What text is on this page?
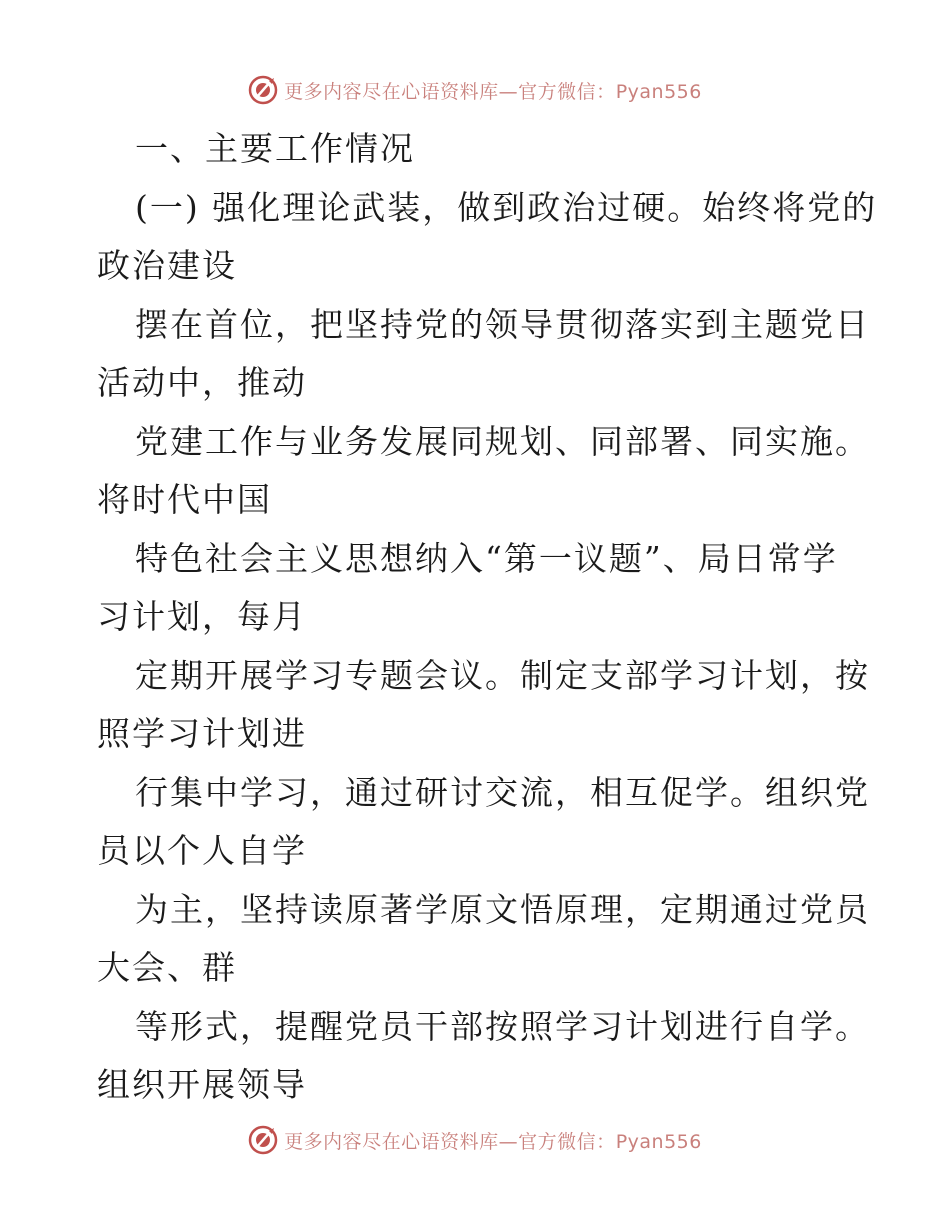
更多内容尽在心语资料库—官方微信：Pyan556
一、主要工作情况
(一) 强化理论武装，做到政治过硬。始终将党的
政治建设
摆在首位，把坚持党的领导贯彻落实到主题党日
活动中，推动
党建工作与业务发展同规划、同部署、同实施。
将时代中国
特色社会主义思想纳入“第一议题”、局日常学
习计划，每月
定期开展学习专题会议。制定支部学习计划，按
照学习计划进
行集中学习，通过研讨交流，相互促学。组织党
员以个人自学
为主，坚持读原著学原文悟原理，定期通过党员
大会、群
等形式，提醒党员干部按照学习计划进行自学。
组织开展领导
更多内容尽在心语资料库—官方微信：Pyan556
